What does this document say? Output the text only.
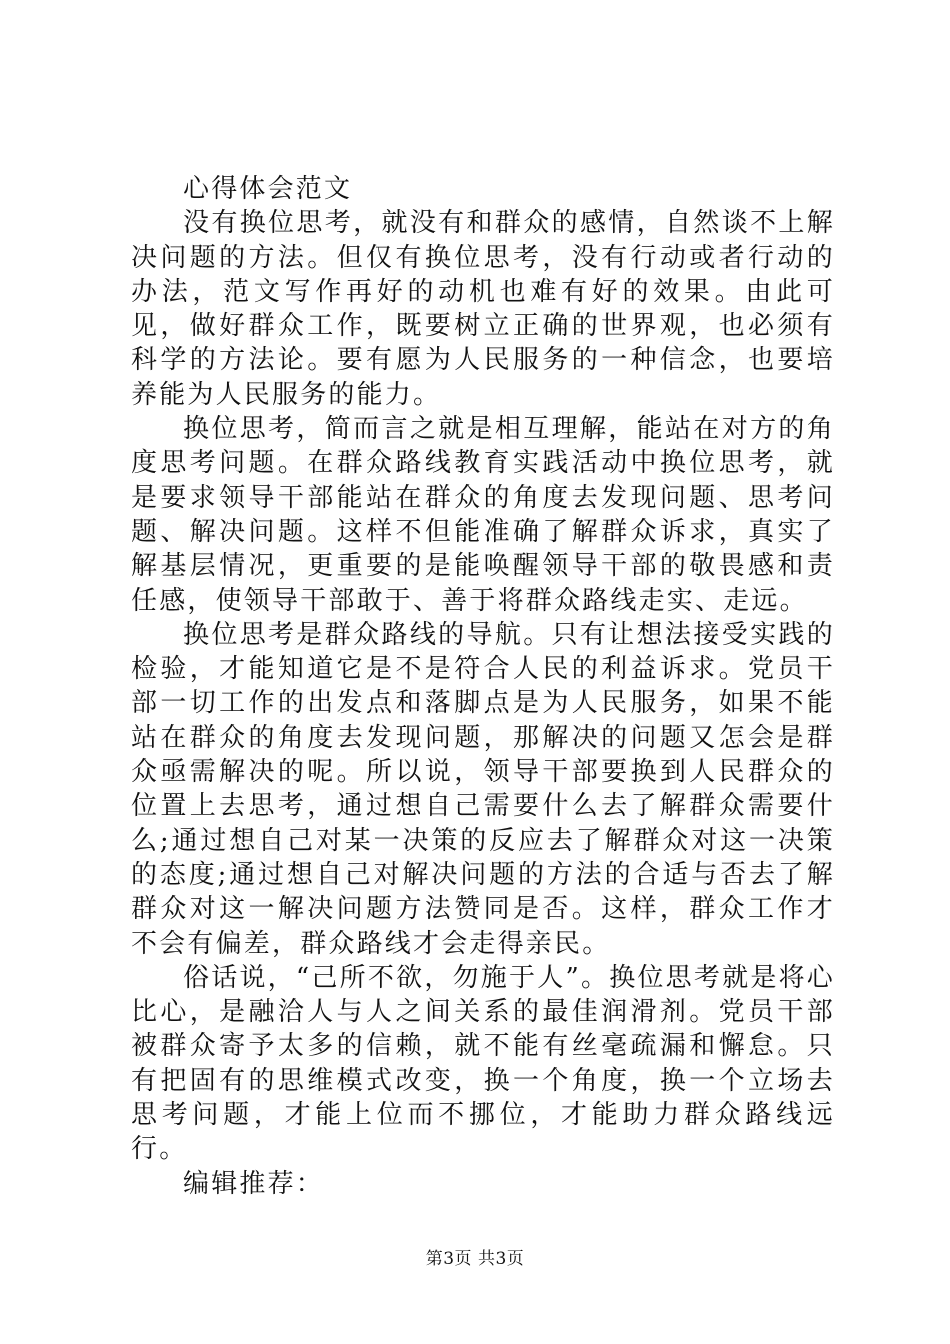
心得体会范文

没有换位思考，就没有和群众的感情，自然谈不上解决问题的方法。但仅有换位思考，没有行动或者行动的办法，范文写作再好的动机也难有好的效果。由此可见，做好群众工作，既要树立正确的世界观，也必须有科学的方法论。要有愿为人民服务的一种信念，也要培养能为人民服务的能力。

换位思考，简而言之就是相互理解，能站在对方的角度思考问题。在群众路线教育实践活动中换位思考，就是要求领导干部能站在群众的角度去发现问题、思考问题、解决问题。这样不但能准确了解群众诉求，真实了解基层情况，更重要的是能唤醒领导干部的敬畏感和责任感，使领导干部敢于、善于将群众路线走实、走远。

换位思考是群众路线的导航。只有让想法接受实践的检验，才能知道它是不是符合人民的利益诉求。党员干部一切工作的出发点和落脚点是为人民服务，如果不能站在群众的角度去发现问题，那解决的问题又怎会是群众亟需解决的呢。所以说，领导干部要换到人民群众的位置上去思考，通过想自己需要什么去了解群众需要什么;通过想自己对某一决策的反应去了解群众对这一决策的态度;通过想自己对解决问题的方法的合适与否去了解群众对这一解决问题方法赞同是否。这样，群众工作才不会有偏差，群众路线才会走得亲民。

俗话说，“己所不欲，勿施于人”。换位思考就是将心比心，是融洽人与人之间关系的最佳润滑剂。党员干部被群众寄予太多的信赖，就不能有丝毫疏漏和懈怠。只有把固有的思维模式改变，换一个角度，换一个立场去思考问题，才能上位而不挪位，才能助力群众路线远行。

编辑推荐：

第3页 共3页
